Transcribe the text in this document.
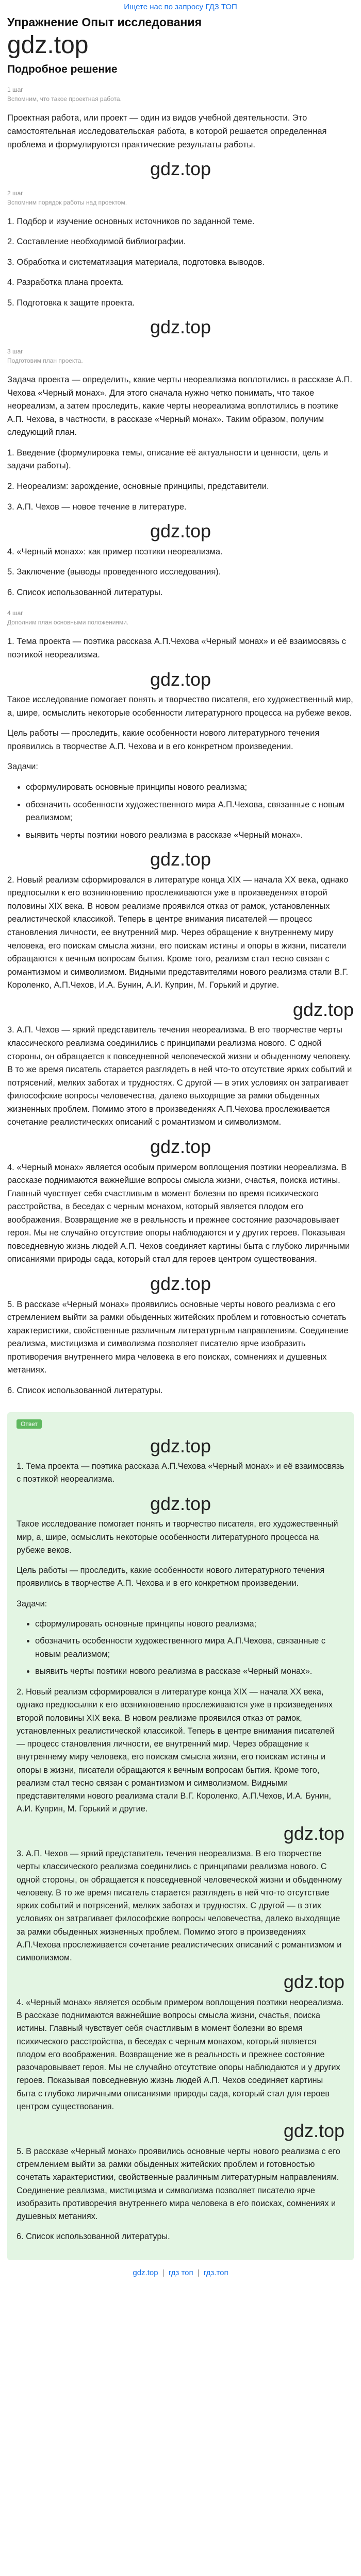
Ищете нас по запросу ГДЗ ТОП
Упражнение Опыт исследования
gdz.top
Подробное решение
1 шаг
Вспомним, что такое проектная работа.

Проектная работа, или проект — один из видов учебной деятельности. Это самостоятельная исследовательская работа, в которой решается определенная проблема и формулируются практические результаты работы.

gdz.top
2 шаг
Вспомним порядок работы над проектом.

1. Подбор и изучение основных источников по заданной теме.

2. Составление необходимой библиографии.

3. Обработка и систематизация материала, подготовка выводов.

4. Разработка плана проекта.

5. Подготовка к защите проекта.

gdz.top
3 шаг
Подготовим план проекта.

Задача проекта — определить, какие черты неореализма воплотились в рассказе А.П. Чехова «Черный монах». Для этого сначала нужно четко понимать, что такое неореализм, а затем проследить, какие черты неореализма воплотились в поэтике А.П. Чехова, в частности, в рассказе «Черный монах». Таким образом, получим следующий план.

1. Введение (формулировка темы, описание её актуальности и ценности, цель и задачи работы).

2. Неореализм: зарождение, основные принципы, представители.

3. А.П. Чехов — новое течение в литературе.

gdz.top

4. «Черный монах»: как пример поэтики неореализма.

5. Заключение (выводы проведенного исследования).

6. Список использованной литературы.

4 шаг
Дополним план основными положениями.

1. Тема проекта — поэтика рассказа А.П.Чехова «Черный монах» и её взаимосвязь с поэтикой неореализма.

gdz.top

Такое исследование помогает понять и творчество писателя, его художественный мир, а, шире, осмыслить некоторые особенности литературного процесса на рубеже веков.

Цель работы — проследить, какие особенности нового литературного течения проявились в творчестве А.П. Чехова и в его конкретном произведении.

Задачи:

• сформулировать основные принципы нового реализма;
• обозначить особенности художественного мира А.П.Чехова, связанные с новым реализмом;
• выявить черты поэтики нового реализма в рассказе «Черный монах».
gdz.top

2. Новый реализм сформировался в литературе конца XIX — начала XX века, однако предпосылки к его возникновению прослеживаются уже в произведениях второй половины XIX века. В новом реализме проявился отказ от рамок, установленных реалистической классикой. Теперь в центре внимания писателей — процесс становления личности, ее внутренний мир. Через обращение к внутреннему миру человека, его поискам смысла жизни, его поискам истины и опоры в жизни, писатели обращаются к вечным вопросам бытия. Кроме того, реализм стал тесно связан с романтизмом и символизмом. Видными представителями нового реализма стали В.Г. Короленко, А.П.Чехов, И.А. Бунин, А.И. Куприн, М. Горький и другие.

gdz.top

3. А.П. Чехов — яркий представитель течения неореализма. В его творчестве черты классического реализма соединились с принципами реализма нового. С одной стороны, он обращается к повседневной человеческой жизни и обыденному человеку. В то же время писатель старается разглядеть в ней что-то отсутствие ярких событий и потрясений, мелких заботах и трудностях. С другой — в этих условиях он затрагивает философские вопросы человечества, далеко выходящие за рамки обыденных жизненных проблем. Помимо этого в произведениях А.П.Чехова прослеживается сочетание реалистических описаний с романтизмом и символизмом.

gdz.top

4. «Черный монах» является особым примером воплощения поэтики неореализма. В рассказе поднимаются важнейшие вопросы смысла жизни, счастья, поиска истины. Главный чувствует себя счастливым в момент болезни во время психического расстройства, в беседах с черным монахом, который является плодом его воображения. Возвращение же в реальность и прежнее состояние разочаровывает героя. Мы не случайно отсутствие опоры наблюдаются и у других героев. Показывая повседневную жизнь людей А.П. Чехов соединяет картины быта с глубоко лиричными описаниями природы сада, который стал для героев центром существования.

gdz.top

5. В рассказе «Черный монах» проявились основные черты нового реализма с его стремлением выйти за рамки обыденных житейских проблем и готовностью сочетать характеристики, свойственные различным литературным направлениям. Соединение реализма, мистицизма и символизма позволяет писателю ярче изобразить противоречия внутреннего мира человека в его поисках, сомнениях и душевных метаниях.

6. Список использованной литературы.

Ответ
gdz.top

1. Тема проекта — поэтика рассказа А.П.Чехова «Черный монах» и её взаимосвязь с поэтикой неореализма.

gdz.top

Такое исследование помогает понять и творчество писателя, его художественный мир, а, шире, осмыслить некоторые особенности литературного процесса на рубеже веков.

Цель работы — проследить, какие особенности нового литературного течения проявились в творчестве А.П. Чехова и в его конкретном произведении.

Задачи:

• сформулировать основные принципы нового реализма;
• обозначить особенности художественного мира А.П.Чехова, связанные с новым реализмом;
• выявить черты поэтики нового реализма в рассказе «Черный монах».

2. Новый реализм сформировался в литературе конца XIX — начала XX века, однако предпосылки к его возникновению прослеживаются уже в произведениях второй половины XIX века. В новом реализме проявился отказ от рамок, установленных реалистической классикой. Теперь в центре внимания писателей — процесс становления личности, ее внутренний мир. Через обращение к внутреннему миру человека, его поискам смысла жизни, его поискам истины и опоры в жизни, писатели обращаются к вечным вопросам бытия. Кроме того, реализм стал тесно связан с романтизмом и символизмом. Видными представителями нового реализма стали В.Г. Короленко, А.П.Чехов, И.А. Бунин, А.И. Куприн, М. Горький и другие.

gdz.top

3. А.П. Чехов — яркий представитель течения неореализма. В его творчестве черты классического реализма соединились с принципами реализма нового. С одной стороны, он обращается к повседневной человеческой жизни и обыденному человеку. В то же время писатель старается разглядеть в ней что-то отсутствие ярких событий и потрясений, мелких заботах и трудностях. С другой — в этих условиях он затрагивает философские вопросы человечества, далеко выходящие за рамки обыденных жизненных проблем. Помимо этого в произведениях А.П.Чехова прослеживается сочетание реалистических описаний с романтизмом и символизмом.

gdz.top

4. «Черный монах» является особым примером воплощения поэтики неореализма. В рассказе поднимаются важнейшие вопросы смысла жизни, счастья, поиска истины. Главный чувствует себя счастливым в момент болезни во время психического расстройства, в беседах с черным монахом, который является плодом его воображения. Возвращение же в реальность и прежнее состояние разочаровывает героя. Мы не случайно отсутствие опоры наблюдаются и у других героев. Показывая повседневную жизнь людей А.П. Чехов соединяет картины быта с глубоко лиричными описаниями природы сада, который стал для героев центром существования.

gdz.top

5. В рассказе «Черный монах» проявились основные черты нового реализма с его стремлением выйти за рамки обыденных житейских проблем и готовностью сочетать характеристики, свойственные различным литературным направлениям. Соединение реализма, мистицизма и символизма позволяет писателю ярче изобразить противоречия внутреннего мира человека в его поисках, сомнениях и душевных метаниях.

6. Список использованной литературы.

gdz.top | гдз топ | гдз.топ
